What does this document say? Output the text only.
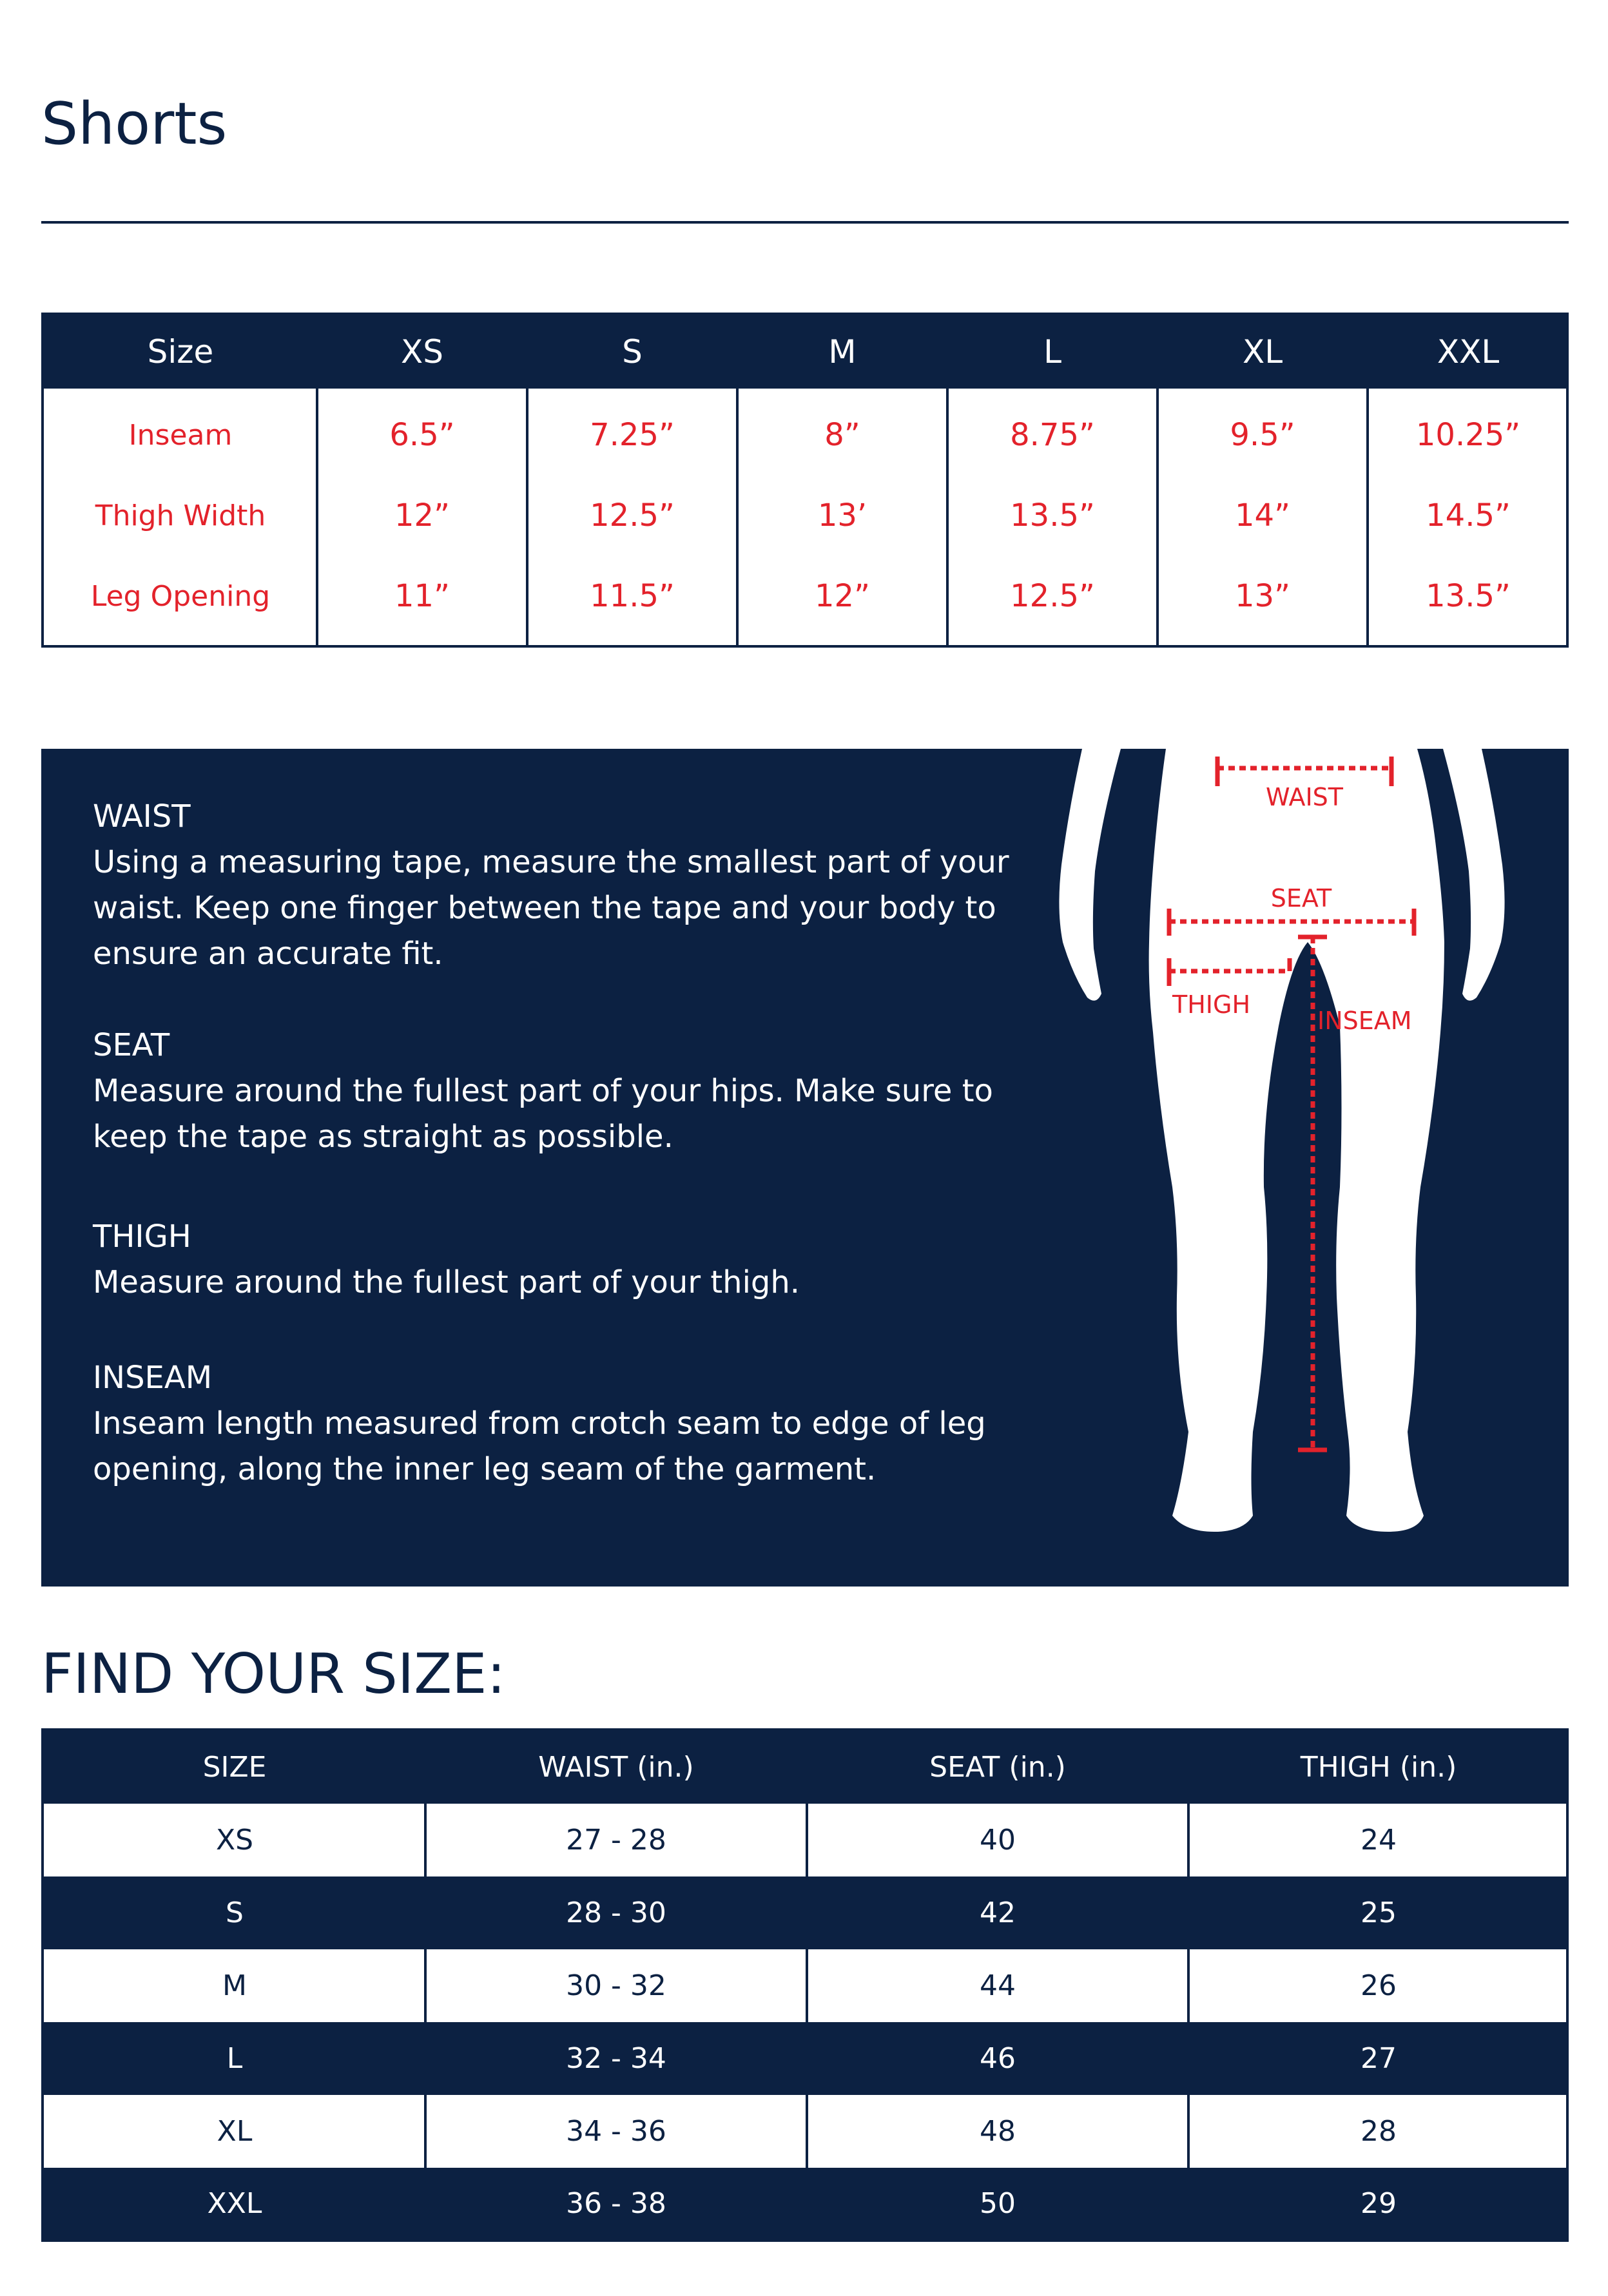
Shorts
Size	XS	S	M	L	XL	XXL
Inseam	6.5”	7.25”	8”	8.75”	9.5”	10.25”
Thigh Width	12”	12.5”	13’	13.5”	14”	14.5”
Leg Opening	11”	11.5”	12”	12.5”	13”	13.5”

WAIST

Using a measuring tape, measure the smallest part of your waist. Keep one finger between the tape and your body to ensure an accurate fit.

SEAT

Measure around the fullest part of your hips. Make sure to keep the tape as straight as possible.

THIGH

Measure around the fullest part of your thigh.

INSEAM

Inseam length measured from crotch seam to edge of leg opening, along the inner leg seam of the garment.

WAIST
SEAT
THIGH
INSEAM
FIND YOUR SIZE:
SIZE	WAIST (in.)	SEAT (in.)	THIGH (in.)
XS	27 - 28	40	24
S	28 - 30	42	25
M	30 - 32	44	26
L	32 - 34	46	27
XL	34 - 36	48	28
XXL	36 - 38	50	29
